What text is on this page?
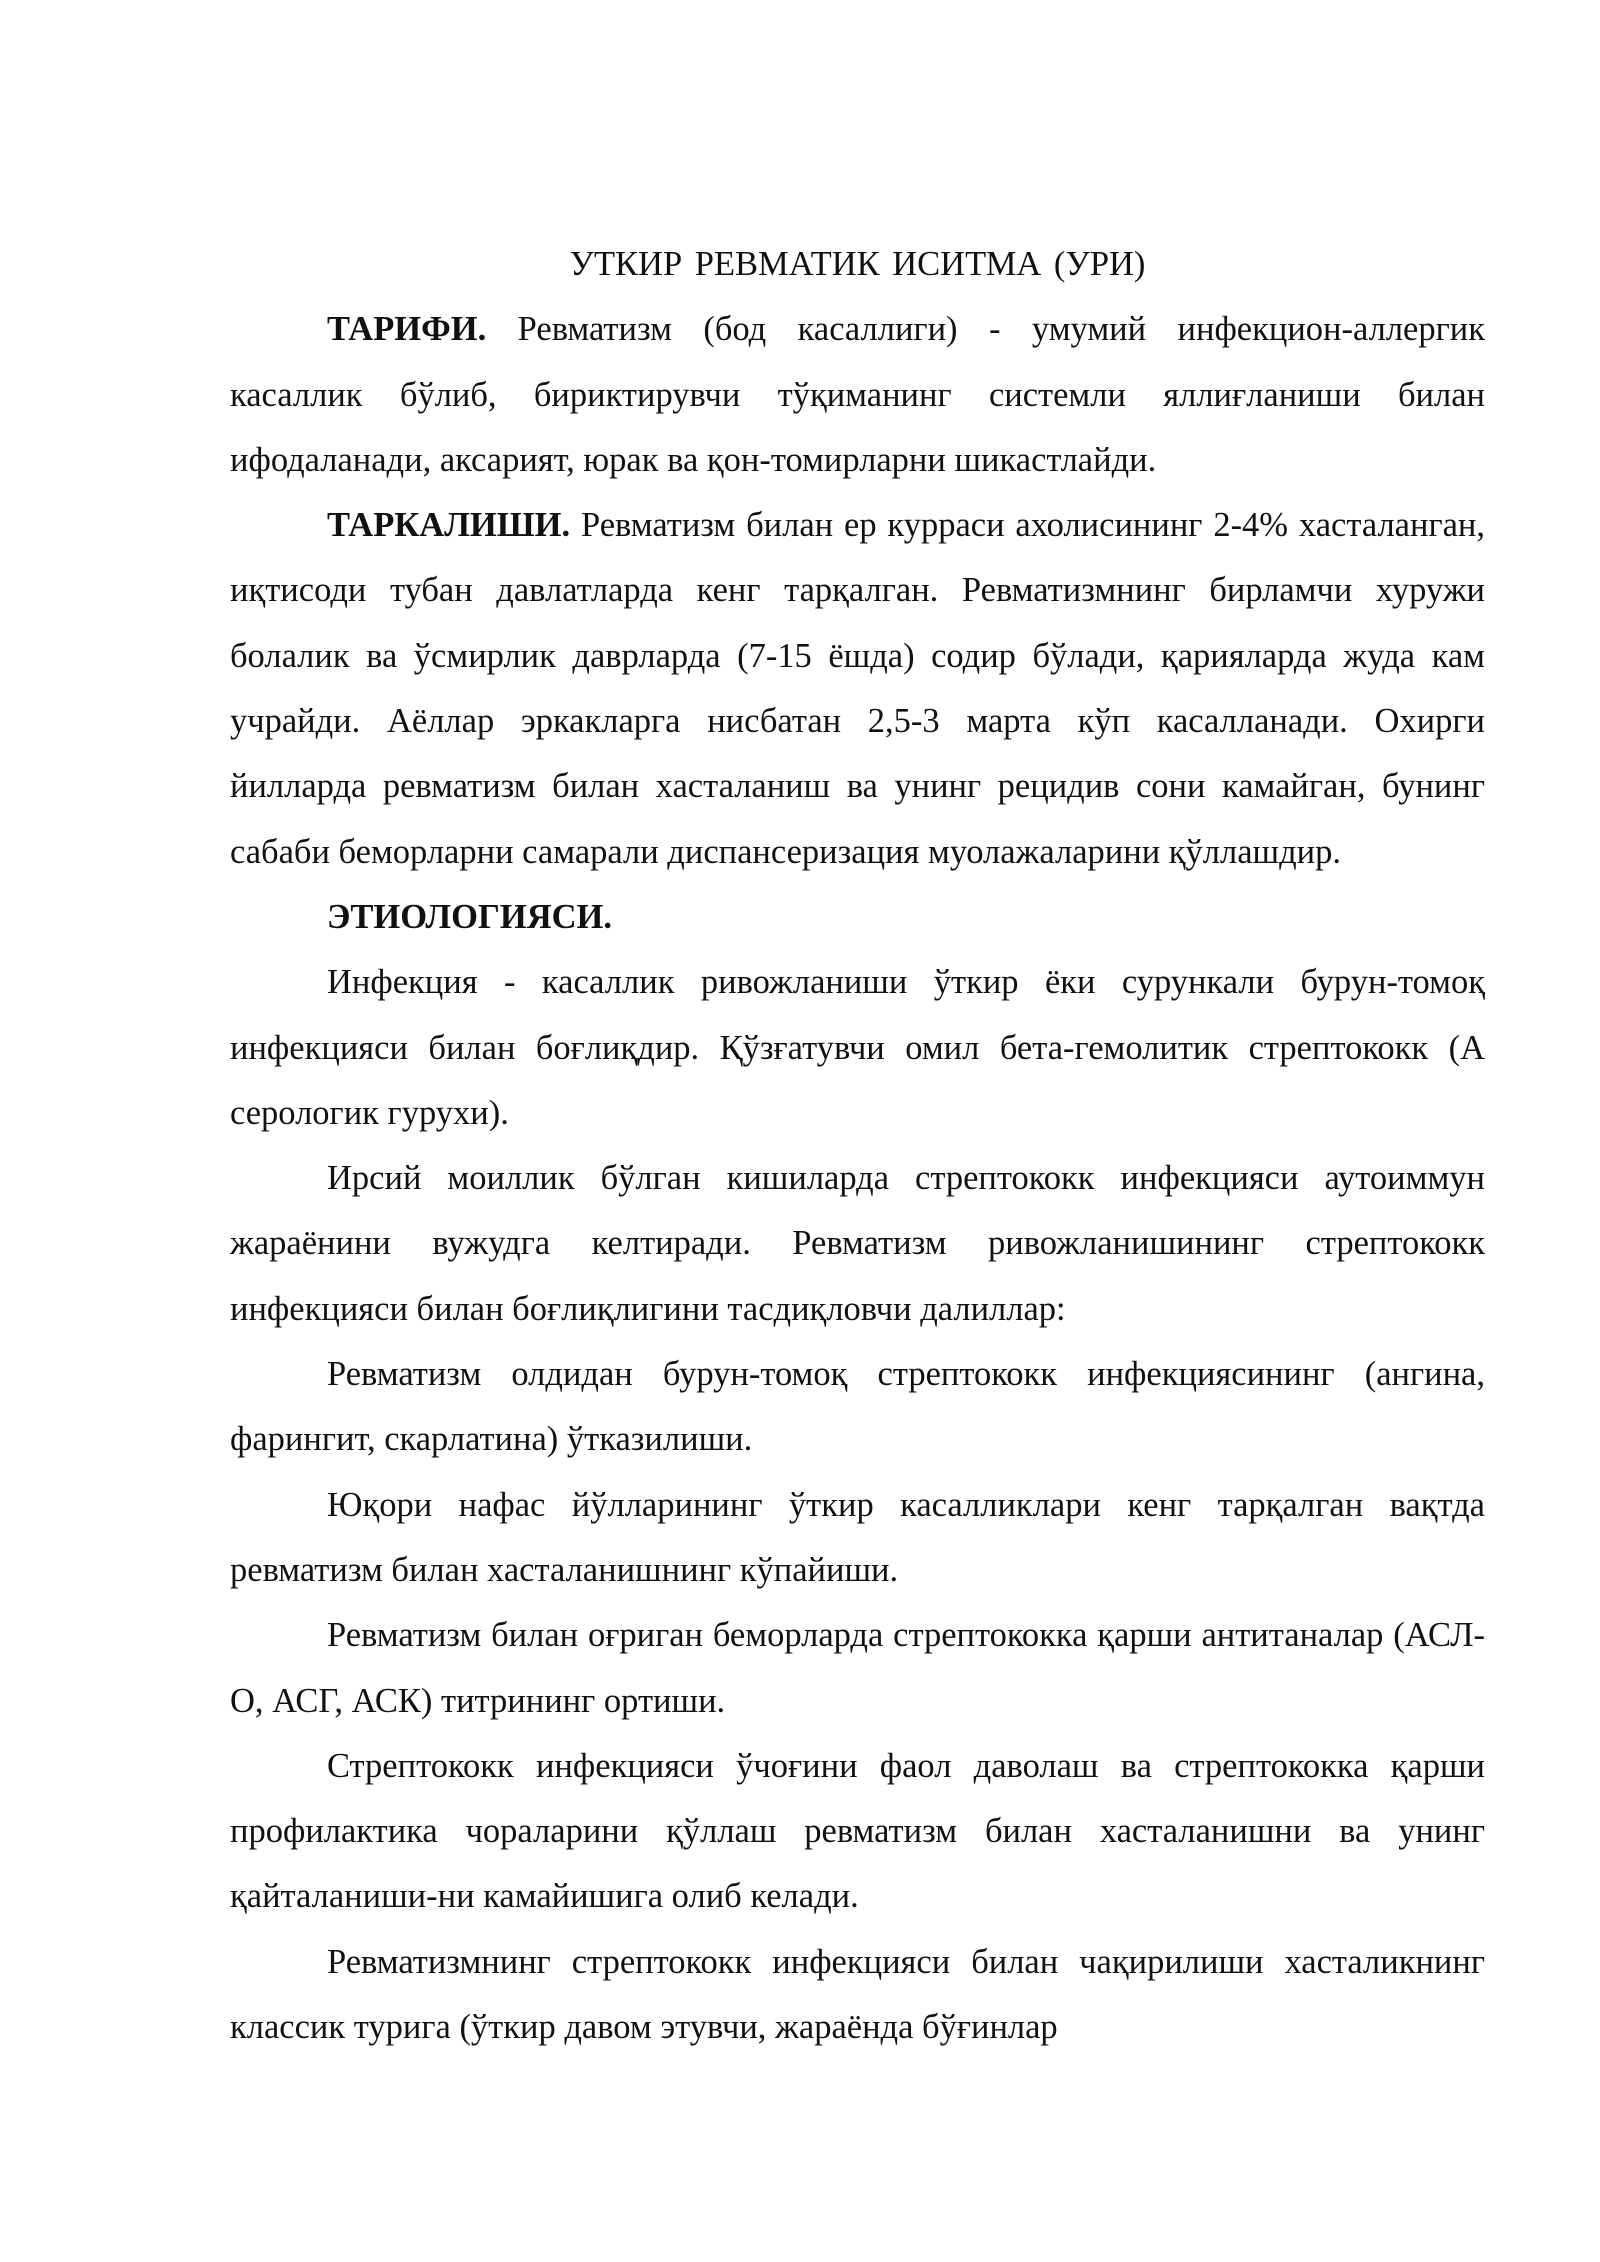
УТКИР РЕВМАТИК ИСИТМА (УРИ)

ТАРИФИ. Ревматизм (бод касаллиги) - умумий инфекцион-аллергик касаллик бўлиб, бириктирувчи тўқиманинг системли яллиғланиши билан ифодаланади, аксарият, юрак ва қон-томирларни шикастлайди.

ТАРКАЛИШИ. Ревматизм билан ер курраси ахолисининг 2-4% хасталанган, иқтисоди тубан давлатларда кенг тарқалган. Ревматизмнинг бирламчи хуружи болалик ва ўсмирлик даврларда (7-15 ёшда) содир бўлади, қарияларда жуда кам учрайди. Аёллар эркакларга нисбатан 2,5-3 марта кўп касалланади. Охирги йилларда ревматизм билан хасталаниш ва унинг рецидив сони камайган, бунинг сабаби беморларни самарали диспансеризация муолажаларини қўллашдир.

ЭТИОЛОГИЯСИ.

Инфекция - касаллик ривожланиши ўткир ёки сурункали бурун-томоқ инфекцияси билан боғлиқдир. Қўзғатувчи омил бета-гемолитик стрептококк (А серологик гурухи).

Ирсий моиллик бўлган кишиларда стрептококк инфекцияси аутоиммун жараёнини вужудга келтиради. Ревматизм ривожланишининг стрептококк инфекцияси билан боғлиқлигини тасдиқловчи далиллар:

Ревматизм олдидан бурун-томоқ стрептококк инфекциясининг (ангина, фарингит, скарлатина) ўтказилиши.

Юқори нафас йўлларининг ўткир касалликлари кенг тарқалган вақтда ревматизм билан хасталанишнинг кўпайиши.

Ревматизм билан оғриган беморларда стрептококка қарши антитаналар (АСЛ-О, АСГ, АСК) титрининг ортиши.

Стрептококк инфекцияси ўчоғини фаол даволаш ва стрептококка қарши профилактика чораларини қўллаш ревматизм билан хасталанишни ва унинг қайталаниши-ни камайишига олиб келади.

Ревматизмнинг стрептококк инфекцияси билан чақирилиши хасталикнинг классик турига (ўткир давом этувчи, жараёнда бўғинлар
